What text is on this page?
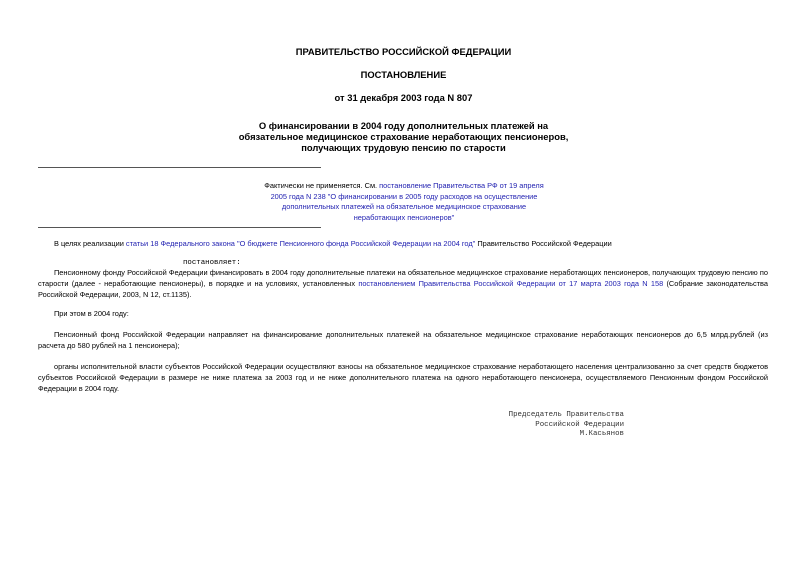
ПРАВИТЕЛЬСТВО РОССИЙСКОЙ ФЕДЕРАЦИИ
ПОСТАНОВЛЕНИЕ
от 31 декабря 2003 года N 807
О финансировании в 2004 году дополнительных платежей на
обязательное медицинское страхование неработающих пенсионеров,
получающих трудовую пенсию по старости
Фактически не применяется. См. постановление Правительства РФ от 19 апреля 2005 года N 238 "О финансировании в 2005 году расходов на осуществление дополнительных платежей на обязательное медицинское страхование неработающих пенсионеров"
В целях реализации статьи 18 Федерального закона "О бюджете Пенсионного фонда Российской Федерации на 2004 год" Правительство Российской Федерации
постановляет:
Пенсионному фонду Российской Федерации финансировать в 2004 году дополнительные платежи на обязательное медицинское страхование неработающих пенсионеров, получающих трудовую пенсию по старости (далее - неработающие пенсионеры), в порядке и на условиях, установленных постановлением Правительства Российской Федерации от 17 марта 2003 года N 158 (Собрание законодательства Российской Федерации, 2003, N 12, ст.1135).
При этом в 2004 году:
Пенсионный фонд Российской Федерации направляет на финансирование дополнительных платежей на обязательное медицинское страхование неработающих пенсионеров до 6,5 млрд.рублей (из расчета до 580 рублей на 1 пенсионера);
органы исполнительной власти субъектов Российской Федерации осуществляют взносы на обязательное медицинское страхование неработающего населения централизованно за счет средств бюджетов субъектов Российской Федерации в размере не ниже платежа за 2003 год и не ниже дополнительного платежа на одного неработающего пенсионера, осуществляемого Пенсионным фондом Российской Федерации в 2004 году.
Председатель Правительства
Российской Федерации
М.Касьянов
